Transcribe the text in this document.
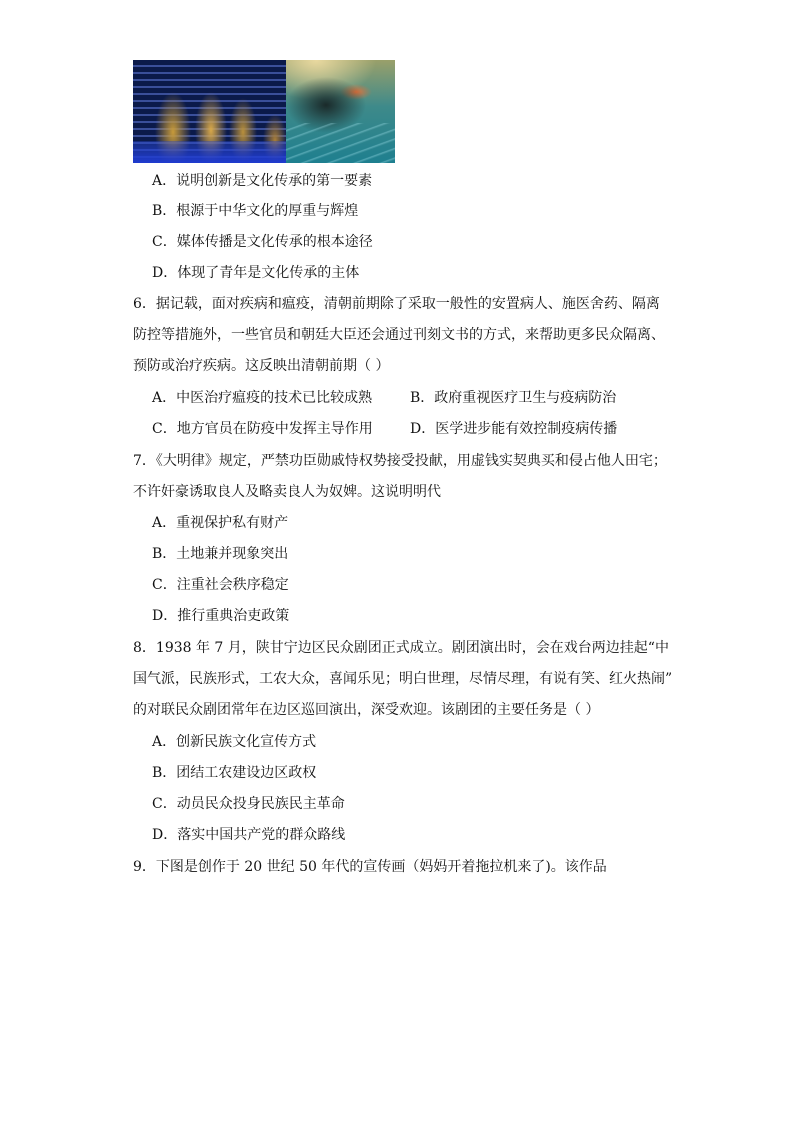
A．说明创新是文化传承的第一要素
B．根源于中华文化的厚重与辉煌
C．媒体传播是文化传承的根本途径
D．体现了青年是文化传承的主体
6．据记载，面对疾病和瘟疫，清朝前期除了采取一般性的安置病人、施医舍药、隔离
防控等措施外，一些官员和朝廷大臣还会通过刊刻文书的方式，来帮助更多民众隔离、
预防或治疗疾病。这反映出清朝前期（ ）
A．中医治疗瘟疫的技术已比较成熟	B．政府重视医疗卫生与疫病防治
C．地方官员在防疫中发挥主导作用	D．医学进步能有效控制疫病传播
7．《大明律》规定，严禁功臣勋戚恃权势接受投献，用虚钱实契典买和侵占他人田宅；
不许奸豪诱取良人及略卖良人为奴婢。这说明明代
A．重视保护私有财产
B．土地兼并现象突出
C．注重社会秩序稳定
D．推行重典治吏政策
8．1938 年 7 月，陕甘宁边区民众剧团正式成立。剧团演出时，会在戏台两边挂起“中
国气派，民族形式，工农大众，喜闻乐见；明白世理，尽情尽理，有说有笑、红火热闹”
的对联民众剧团常年在边区巡回演出，深受欢迎。该剧团的主要任务是（ ）
A．创新民族文化宣传方式
B．团结工农建设边区政权
C．动员民众投身民族民主革命
D．落实中国共产党的群众路线
9．下图是创作于 20 世纪 50 年代的宣传画（妈妈开着拖拉机来了)。该作品
